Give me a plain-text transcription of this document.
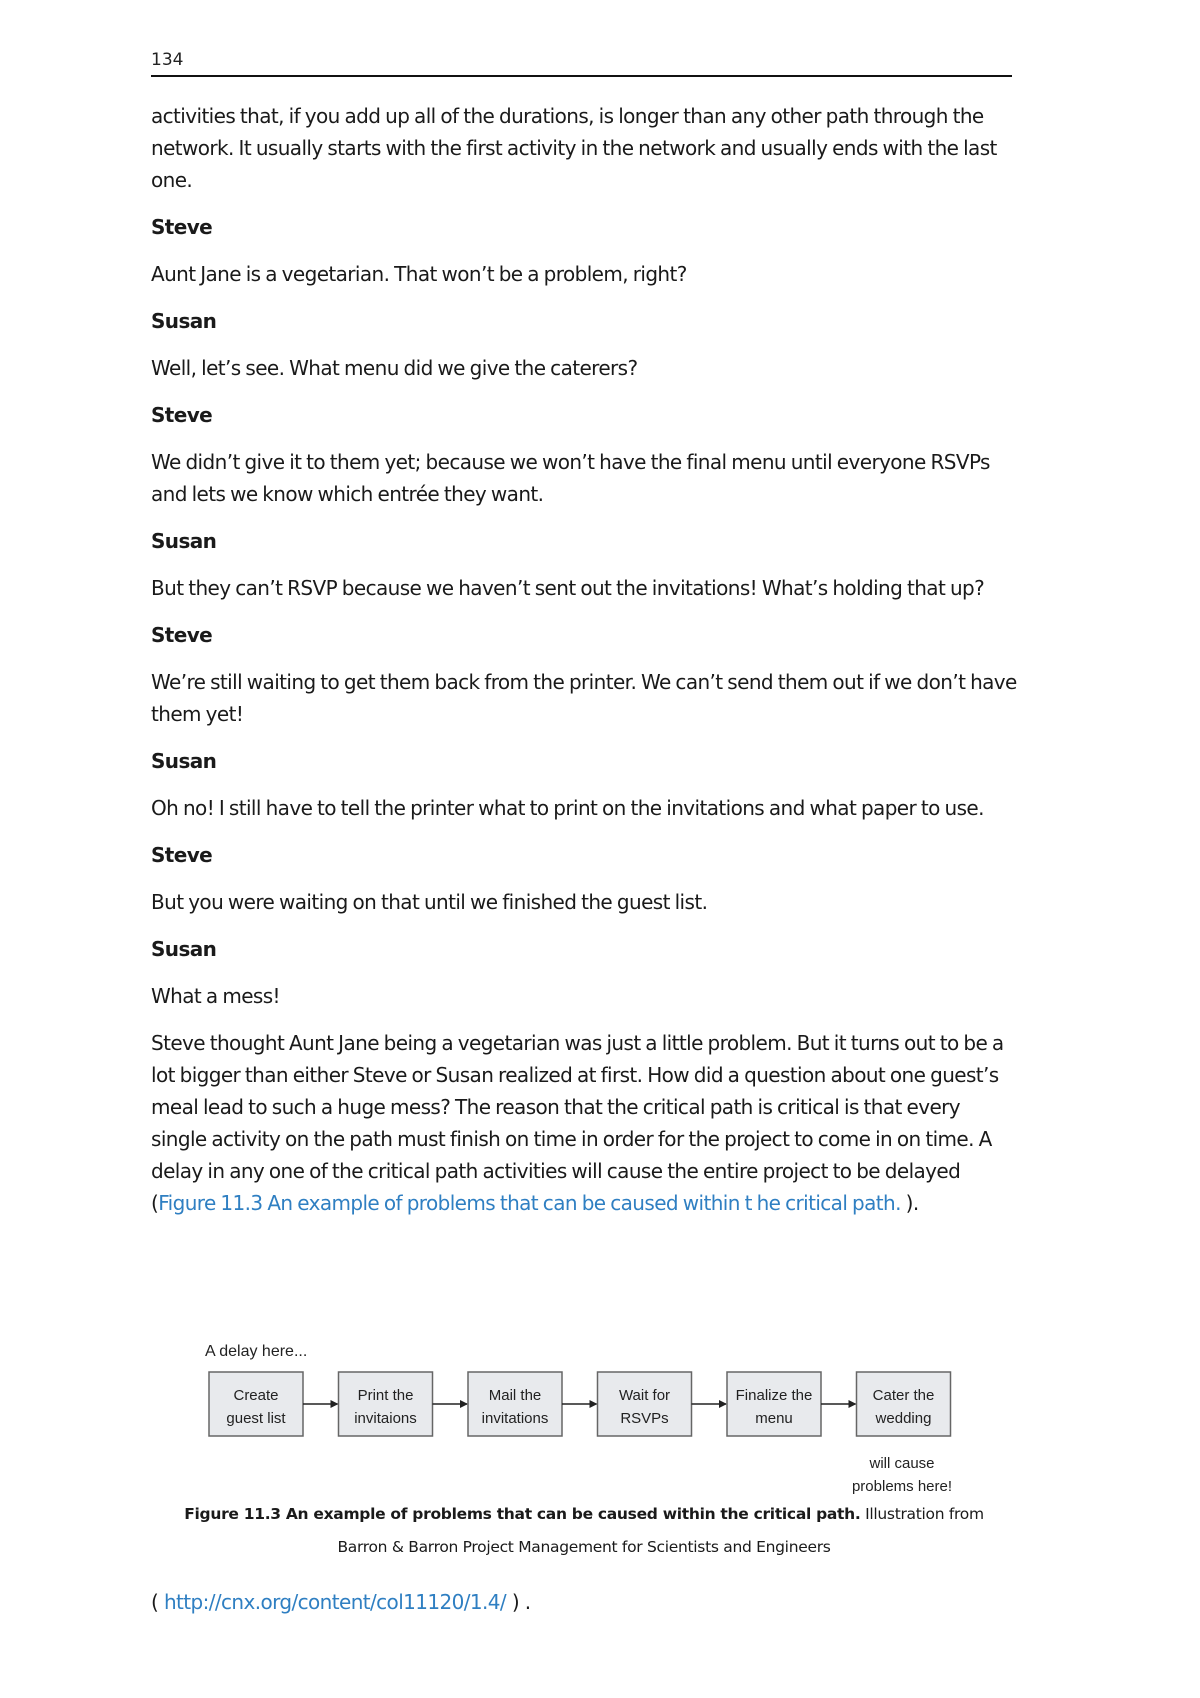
134

activities that, if you add up all of the durations, is longer than any other path through the network. It usually starts with the first activity in the network and usually ends with the last one.

Steve

Aunt Jane is a vegetarian. That won’t be a problem, right?

Susan

Well, let’s see. What menu did we give the caterers?

Steve

We didn’t give it to them yet; because we won’t have the final menu until everyone RSVPs and lets we know which entrée they want.

Susan

But they can’t RSVP because we haven’t sent out the invitations! What’s holding that up?

Steve

We’re still waiting to get them back from the printer. We can’t send them out if we don’t have them yet!

Susan

Oh no! I still have to tell the printer what to print on the invitations and what paper to use.

Steve

But you were waiting on that until we finished the guest list.

Susan

What a mess!

Steve thought Aunt Jane being a vegetarian was just a little problem. But it turns out to be a lot bigger than either Steve or Susan realized at first. How did a question about one guest’s meal lead to such a huge mess? The reason that the critical path is critical is that every single activity on the path must finish on time in order for the project to come in on time. A delay in any one of the critical path activities will cause the entire project to be delayed (Figure 11.3 An example of problems that can be caused within t he critical path. ).

A delay here...
Create
guest list
Print the
invitaions
Mail the
invitations
Wait for
RSVPs
Finalize the
menu
Cater the
wedding
will cause
problems here!
Figure 11.3 An example of problems that can be caused within the critical path. Illustration from
Barron & Barron Project Management for Scientists and Engineers
( http://cnx.org/content/col11120/1.4/ ) .
